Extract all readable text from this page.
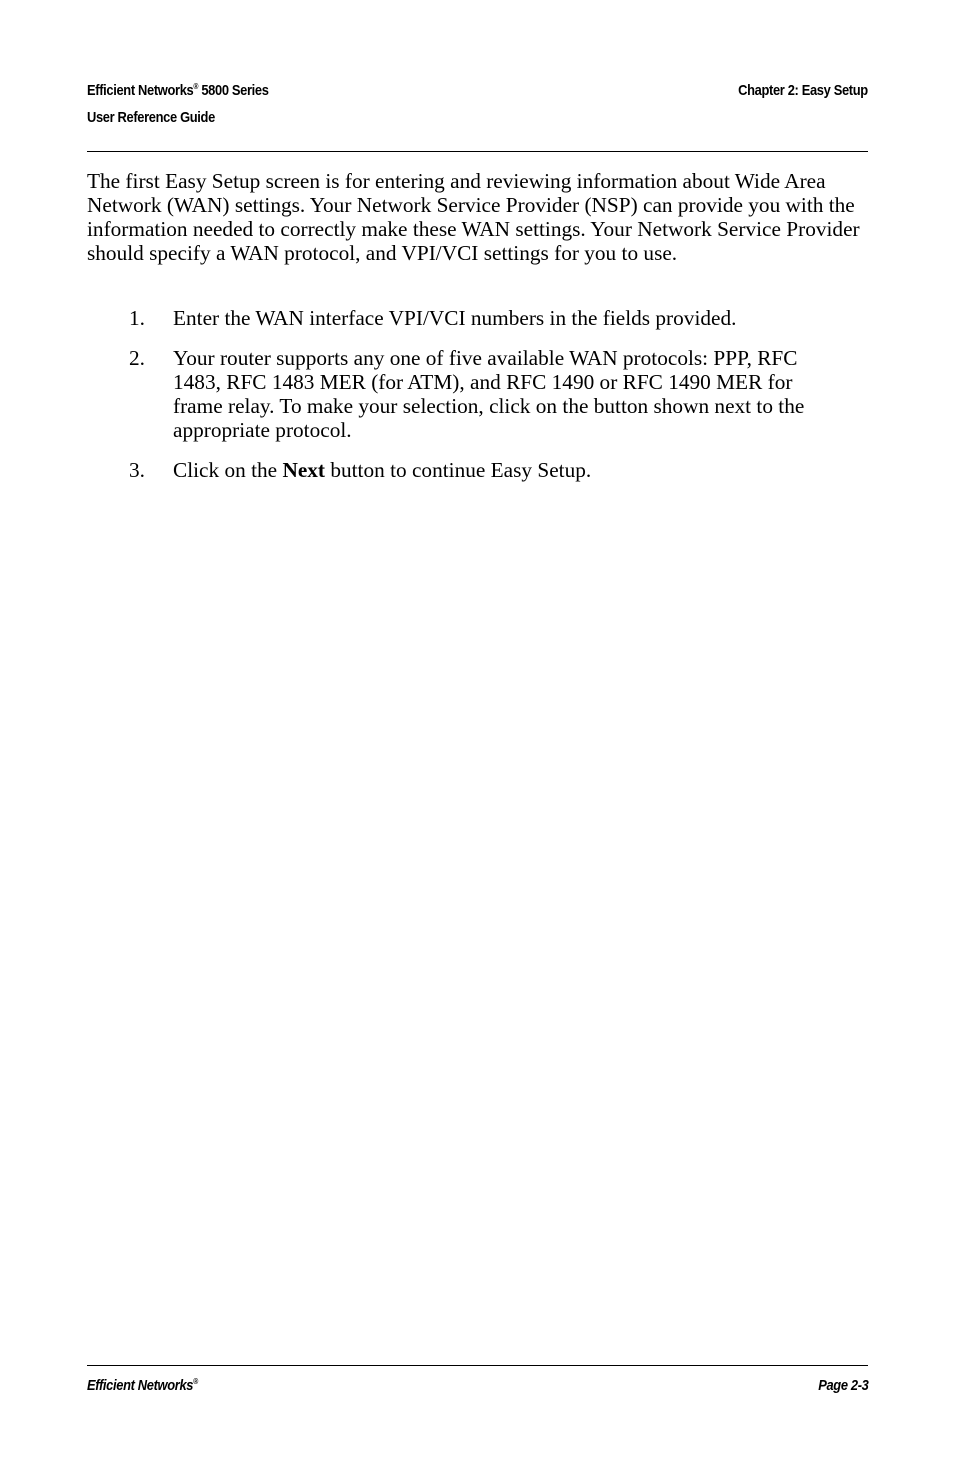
Efficient Networks® 5800 Series
User Reference Guide
Chapter 2: Easy Setup

The first Easy Setup screen is for entering and reviewing information about Wide Area Network (WAN) settings. Your Network Service Provider (NSP) can provide you with the information needed to correctly make these WAN settings. Your Network Service Provider should specify a WAN protocol, and VPI/VCI settings for you to use.

1. Enter the WAN interface VPI/VCI numbers in the fields provided.
2. Your router supports any one of five available WAN protocols: PPP, RFC 1483, RFC 1483 MER (for ATM), and RFC 1490 or RFC 1490 MER for frame relay. To make your selection, click on the button shown next to the appropriate protocol.
3. Click on the Next button to continue Easy Setup.
Efficient Networks®	Page 2-3
